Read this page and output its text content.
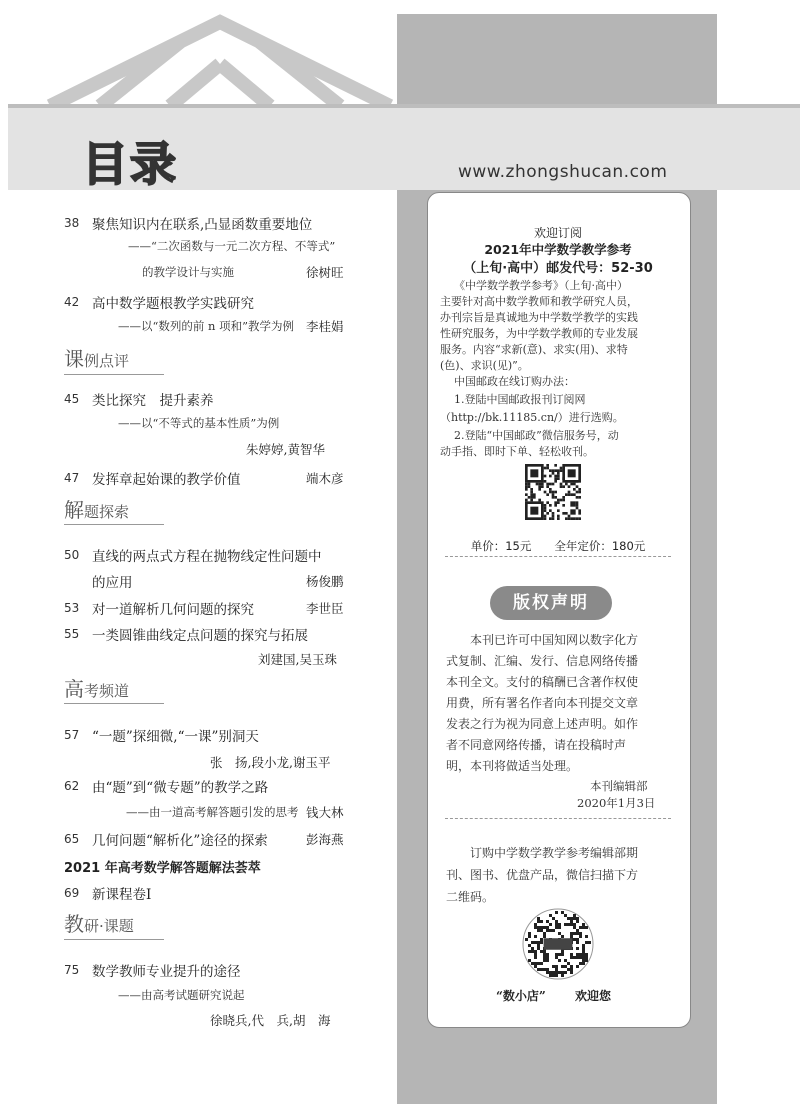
目录	www.zhongshucan.com
38 聚焦知识内在联系,凸显函数重要地位
——“二次函数与一元二次方程、不等式”
的教学设计与实施	徐树旺
42 高中数学题根教学实践研究
——以“数列的前 n 项和”教学为例 李桂娟
课例点评
45 类比探究　提升素养
——以“不等式的基本性质”为例
朱婷婷,黄智华
47 发挥章起始课的教学价值	端木彦
解题探索
50 直线的两点式方程在抛物线定性问题中
的应用	杨俊鹏
53 对一道解析几何问题的探究	李世臣
55 一类圆锥曲线定点问题的探究与拓展
刘建国,吴玉珠
高考频道
57 “一题”探细微,“一课”别洞天
张　扬,段小龙,谢玉平
62 由“题”到“微专题”的教学之路
——由一道高考解答题引发的思考 钱大林
65 几何问题“解析化”途径的探索	彭海燕
2021 年高考数学解答题解法荟萃
69 新课程卷Ⅰ
教研·课题
75 数学教师专业提升的途径
——由高考试题研究说起
徐晓兵,代　兵,胡　海
欢迎订阅
2021年中学数学教学参考
（上旬·高中）邮发代号：52-30
《中学数学教学参考》（上旬·高中）
主要针对高中数学教师和教学研究人员，
办刊宗旨是真诚地为中学数学教学的实践
性研究服务，为中学数学教师的专业发展
服务。内容“求新(意)、求实(用)、求特
(色)、求识(见)”。
中国邮政在线订购办法：
1.登陆中国邮政报刊订阅网
（http://bk.11185.cn/）进行选购。
2.登陆“中国邮政”微信服务号，动
动手指、即时下单、轻松收刊。
单价：15元　　全年定价：180元
版权声明
本刊已许可中国知网以数字化方
式复制、汇编、发行、信息网络传播
本刊全文。支付的稿酬已含著作权使
用费，所有署名作者向本刊提交文章
发表之行为视为同意上述声明。如作
者不同意网络传播，请在投稿时声
明，本刊将做适当处理。
本刊编辑部
2020年1月3日
订购中学数学教学参考编辑部期
刊、图书、优盘产品，微信扫描下方
二维码。
“数小店” 欢迎您
